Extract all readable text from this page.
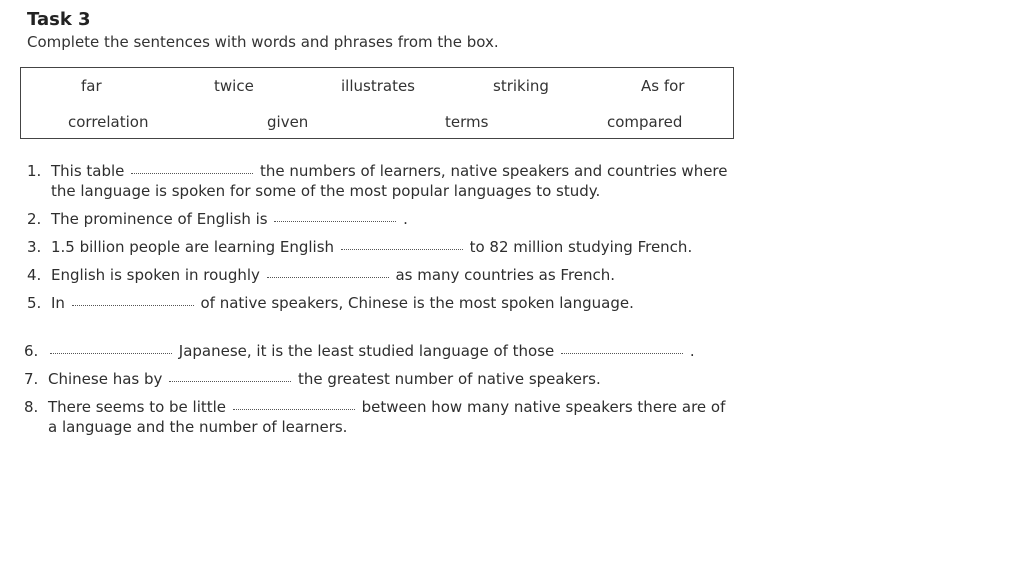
Task 3
Complete the sentences with words and phrases from the box.
far	twice	illustrates	striking	As for
correlation	given	terms	compared
1. This table	the numbers of learners, native speakers and countries where
the language is spoken for some of the most popular languages to study.
2. The prominence of English is	.
3. 1.5 billion people are learning English	to 82 million studying French.
4. English is spoken in roughly	as many countries as French.
5. In	of native speakers, Chinese is the most spoken language.
6.	Japanese, it is the least studied language of those	.
7. Chinese has by	the greatest number of native speakers.
8. There seems to be little	between how many native speakers there are of
a language and the number of learners.
